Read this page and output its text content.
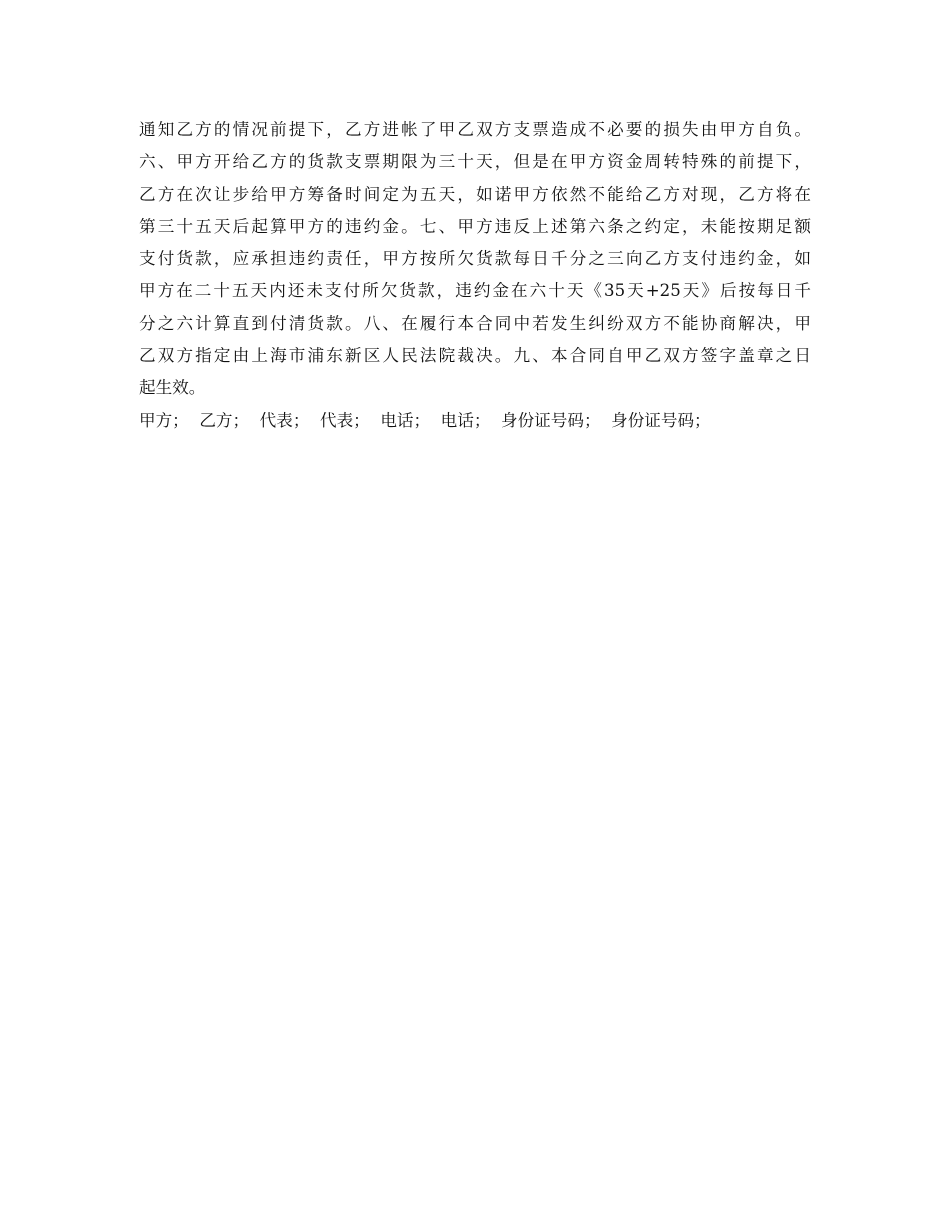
通知乙方的情况前提下，乙方进帐了甲乙双方支票造成不必要的损失由甲方自负。
六、甲方开给乙方的货款支票期限为三十天，但是在甲方资金周转特殊的前提下，
乙方在次让步给甲方筹备时间定为五天，如诺甲方依然不能给乙方对现，乙方将在
第三十五天后起算甲方的违约金。七、甲方违反上述第六条之约定，未能按期足额
支付货款，应承担违约责任，甲方按所欠货款每日千分之三向乙方支付违约金，如
甲方在二十五天内还未支付所欠货款，违约金在六十天《35天+25天》后按每日千
分之六计算直到付清货款。八、在履行本合同中若发生纠纷双方不能协商解决，甲
乙双方指定由上海市浦东新区人民法院裁决。九、本合同自甲乙双方签字盖章之日
起生效。
甲方；  乙方；  代表；  代表；  电话；  电话；  身份证号码；  身份证号码；
